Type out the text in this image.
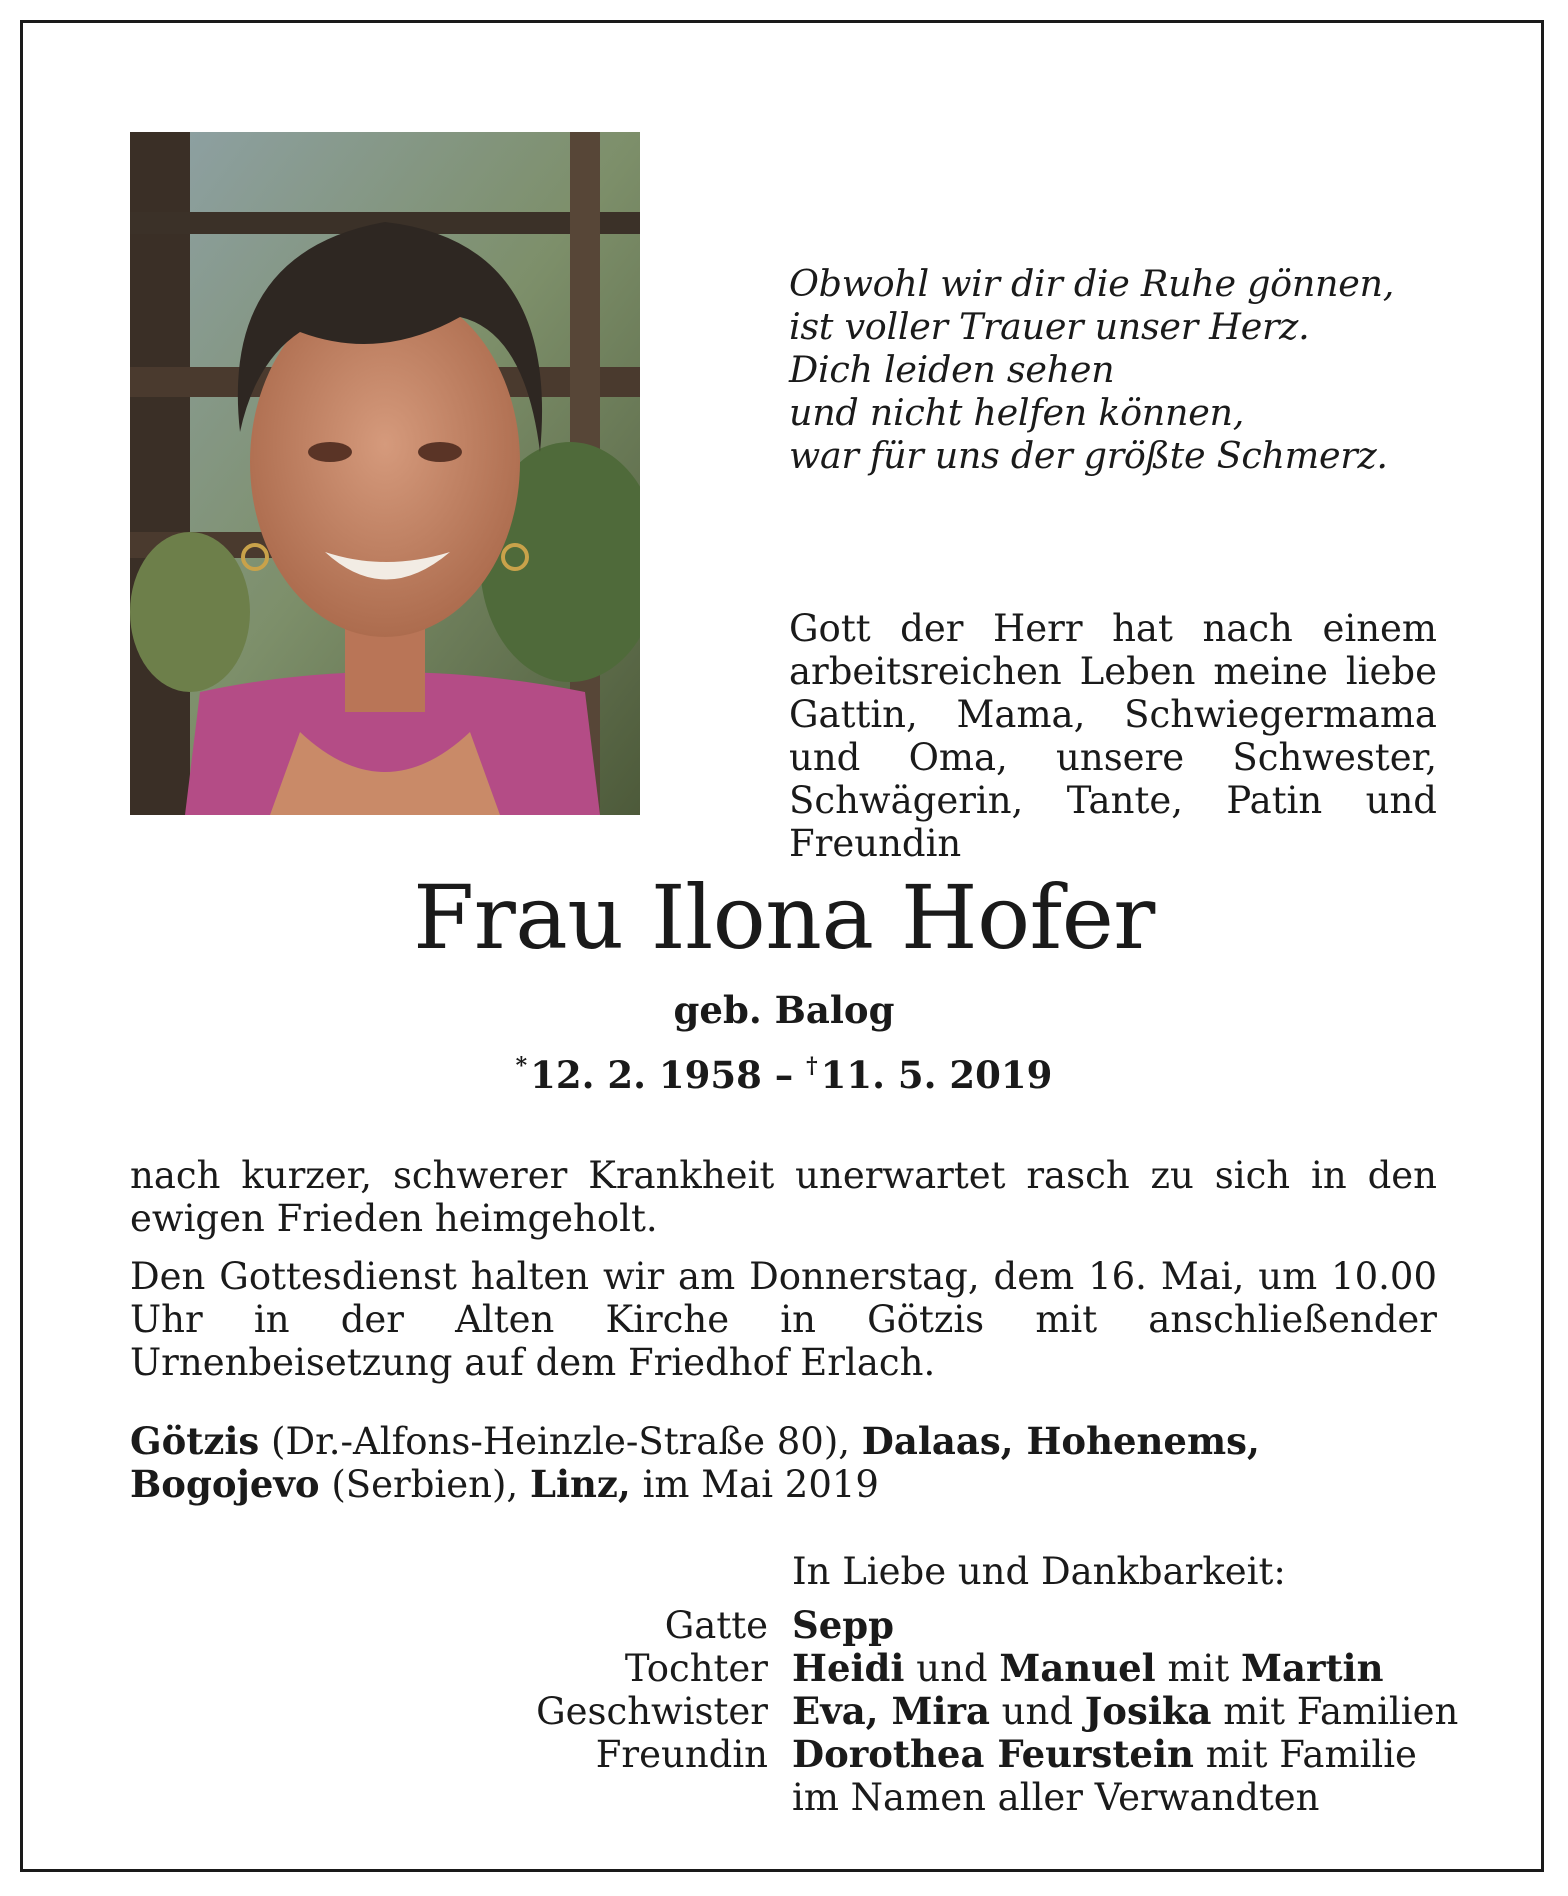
Obwohl wir dir die Ruhe gönnen,
ist voller Trauer unser Herz.
Dich leiden sehen
und nicht helfen können,
war für uns der größte Schmerz.
Gott der Herr hat nach einem arbeitsreichen Leben meine liebe Gattin, Mama, Schwiegermama und Oma, unsere Schwester, Schwägerin, Tante, Patin und Freundin
Frau Ilona Hofer
geb. Balog
*12. 2. 1958 – †11. 5. 2019
nach kurzer, schwerer Krankheit unerwartet rasch zu sich in den ewigen Frieden heimgeholt.
Den Gottesdienst halten wir am Donnerstag, dem 16. Mai, um 10.00 Uhr in der Alten Kirche in Götzis mit anschließender Urnenbeisetzung auf dem Friedhof Erlach.
Götzis (Dr.-Alfons-Heinzle-Straße 80), Dalaas, Hohenems,
Bogojevo (Serbien), Linz, im Mai 2019
In Liebe und Dankbarkeit:
Gatte Sepp
Tochter Heidi und Manuel mit Martin
Geschwister Eva, Mira und Josika mit Familien
Freundin Dorothea Feurstein mit Familie
im Namen aller Verwandten
